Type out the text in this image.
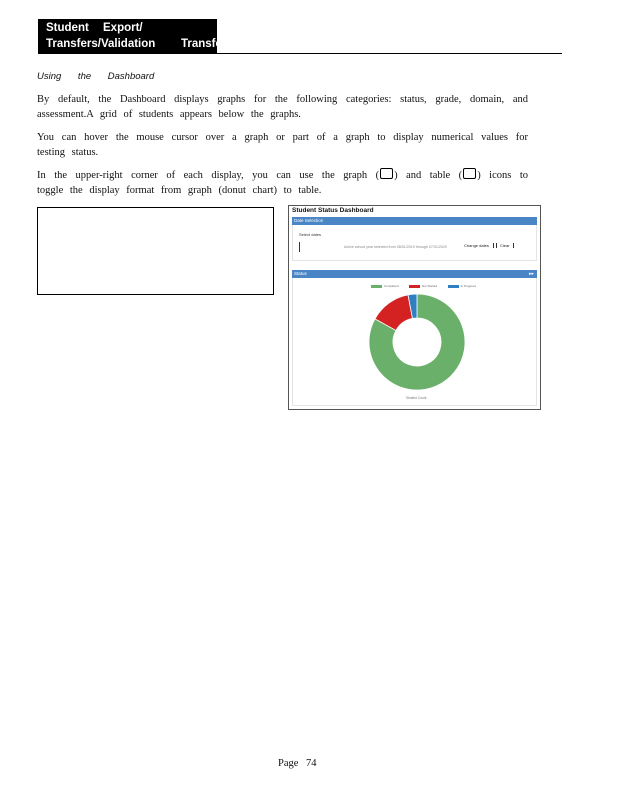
Student Export/
Transfers/Validation Transfe
Using the Dashboard

By default, the Dashboard displays graphs for the following categories: status, grade, domain, and assessment.A grid of students appears below the graphs.

You can hover the mouse cursor over a graph or part of a graph to display numerical values for testing status.

In the upper-right corner of each display, you can use the graph ( ) and table ( ) icons to toggle the display format from graph (donut chart) to table.

Student Status Dashboard
Date Selection
Select dates
Active school year selected from 08/01/2019 through 07/31/2020	Change dates	Clear
Status	▸▸
Completed	Not Started	In Progress
Student Count
Page 74
